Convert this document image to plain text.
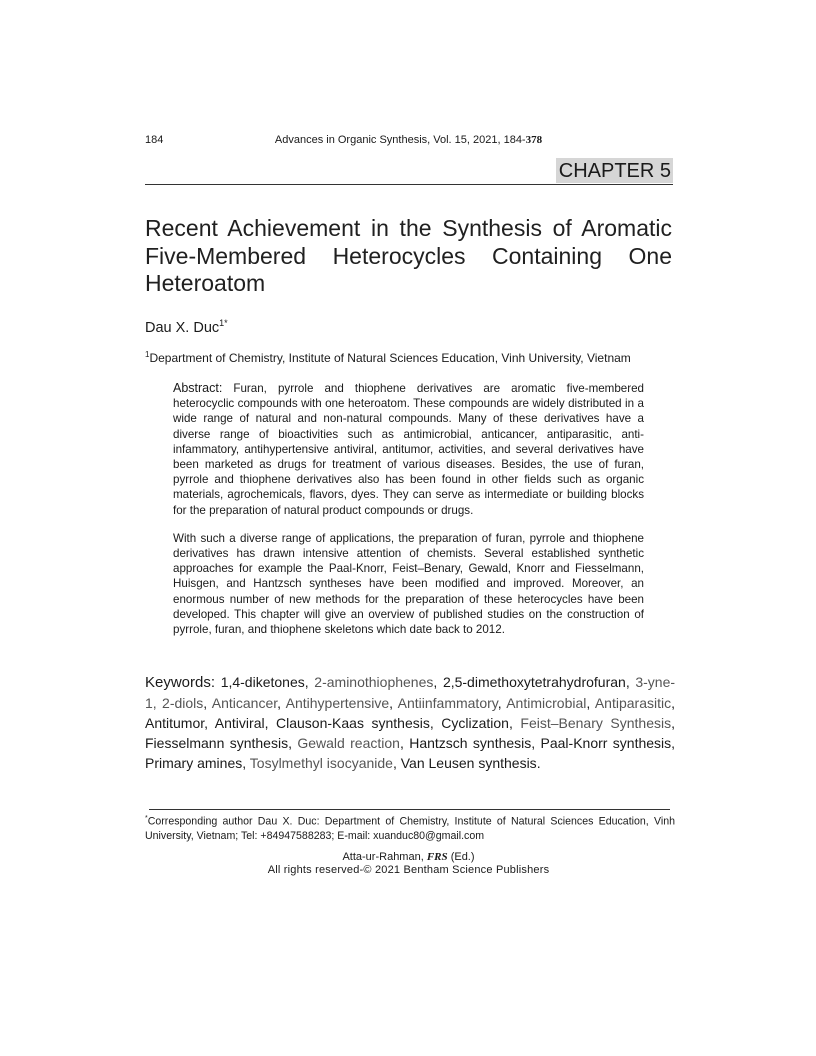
184	Advances in Organic Synthesis, Vol. 15, 2021, 184-378
CHAPTER 5
Recent Achievement in the Synthesis of Aromatic
Five-Membered Heterocycles Containing One
Heteroatom
Dau X. Duc$^{1*}$
$^1$Department of Chemistry, Institute of Natural Sciences Education, Vinh University, Vietnam

Abstract: Furan, pyrrole and thiophene derivatives are aromatic five-membered heterocyclic compounds with one heteroatom. These compounds are widely distributed in a wide range of natural and non-natural compounds. Many of these derivatives have a diverse range of bioactivities such as antimicrobial, anticancer, antiparasitic, anti-infammatory, antihypertensive antiviral, antitumor, activities, and several derivatives have been marketed as drugs for treatment of various diseases. Besides, the use of furan, pyrrole and thiophene derivatives also has been found in other fields such as organic materials, agrochemicals, flavors, dyes. They can serve as intermediate or building blocks for the preparation of natural product compounds or drugs.

With such a diverse range of applications, the preparation of furan, pyrrole and thiophene derivatives has drawn intensive attention of chemists. Several established synthetic approaches for example the Paal-Knorr, Feist–Benary, Gewald, Knorr and Fiesselmann, Huisgen, and Hantzsch syntheses have been modified and improved. Moreover, an enormous number of new methods for the preparation of these heterocycles have been developed. This chapter will give an overview of published studies on the construction of pyrrole, furan, and thiophene skeletons which date back to 2012.

Keywords: 1,4-diketones, 2-aminothiophenes, 2,5-dimethoxytetrahydrofuran, 3-yne-1, 2-diols, Anticancer, Antihypertensive, Antiinfammatory, Antimicrobial, Antiparasitic, Antitumor, Antiviral, Clauson-Kaas synthesis, Cyclization, Feist–Benary Synthesis, Fiesselmann synthesis, Gewald reaction, Hantzsch synthesis, Paal-Knorr synthesis, Primary amines, Tosylmethyl isocyanide, Van Leusen synthesis.
*Corresponding author Dau X. Duc: Department of Chemistry, Institute of Natural Sciences Education, Vinh University, Vietnam; Tel: +84947588283; E-mail: xuanduc80@gmail.com
Atta-ur-Rahman, FRS (Ed.)
All rights reserved-© 2021 Bentham Science Publishers
